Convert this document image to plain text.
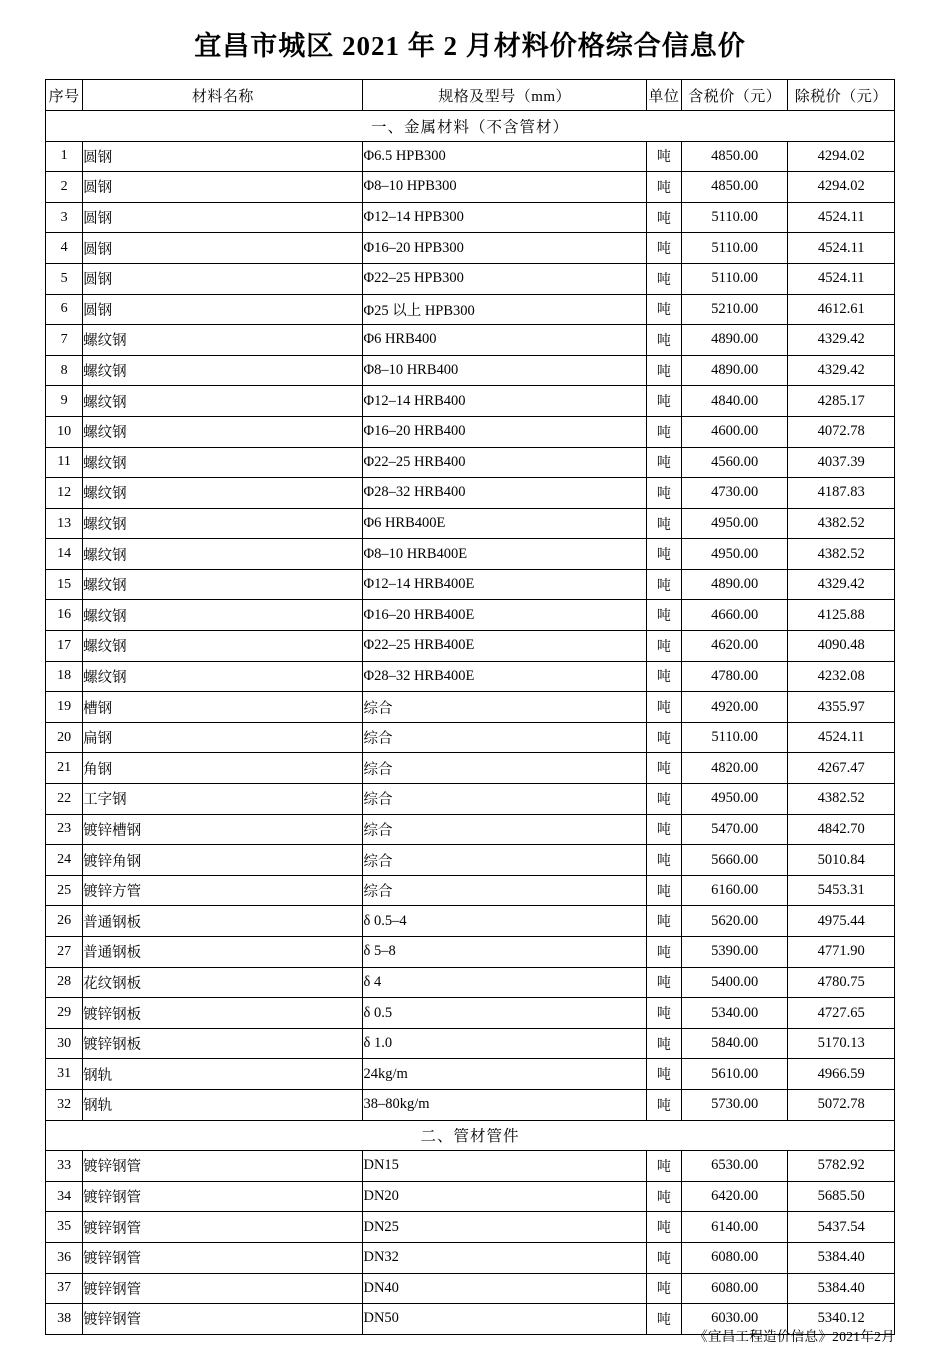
宜昌市城区 2021 年 2 月材料价格综合信息价
序号	材料名称	规格及型号（mm）	单位	含税价（元）	除税价（元）
一、金属材料（不含管材）					
1	圆钢	Φ6.5 HPB300	吨	4850.00	4294.02
2	圆钢	Φ8–10 HPB300	吨	4850.00	4294.02
3	圆钢	Φ12–14 HPB300	吨	5110.00	4524.11
4	圆钢	Φ16–20 HPB300	吨	5110.00	4524.11
5	圆钢	Φ22–25 HPB300	吨	5110.00	4524.11
6	圆钢	Φ25 以上 HPB300	吨	5210.00	4612.61
7	螺纹钢	Φ6 HRB400	吨	4890.00	4329.42
8	螺纹钢	Φ8–10 HRB400	吨	4890.00	4329.42
9	螺纹钢	Φ12–14 HRB400	吨	4840.00	4285.17
10	螺纹钢	Φ16–20 HRB400	吨	4600.00	4072.78
11	螺纹钢	Φ22–25 HRB400	吨	4560.00	4037.39
12	螺纹钢	Φ28–32 HRB400	吨	4730.00	4187.83
13	螺纹钢	Φ6 HRB400E	吨	4950.00	4382.52
14	螺纹钢	Φ8–10 HRB400E	吨	4950.00	4382.52
15	螺纹钢	Φ12–14 HRB400E	吨	4890.00	4329.42
16	螺纹钢	Φ16–20 HRB400E	吨	4660.00	4125.88
17	螺纹钢	Φ22–25 HRB400E	吨	4620.00	4090.48
18	螺纹钢	Φ28–32 HRB400E	吨	4780.00	4232.08
19	槽钢	综合	吨	4920.00	4355.97
20	扁钢	综合	吨	5110.00	4524.11
21	角钢	综合	吨	4820.00	4267.47
22	工字钢	综合	吨	4950.00	4382.52
23	镀锌槽钢	综合	吨	5470.00	4842.70
24	镀锌角钢	综合	吨	5660.00	5010.84
25	镀锌方管	综合	吨	6160.00	5453.31
26	普通钢板	δ 0.5–4	吨	5620.00	4975.44
27	普通钢板	δ 5–8	吨	5390.00	4771.90
28	花纹钢板	δ 4	吨	5400.00	4780.75
29	镀锌钢板	δ 0.5	吨	5340.00	4727.65
30	镀锌钢板	δ 1.0	吨	5840.00	5170.13
31	钢轨	24kg/m	吨	5610.00	4966.59
32	钢轨	38–80kg/m	吨	5730.00	5072.78
二、管材管件					
33	镀锌钢管	DN15	吨	6530.00	5782.92
34	镀锌钢管	DN20	吨	6420.00	5685.50
35	镀锌钢管	DN25	吨	6140.00	5437.54
36	镀锌钢管	DN32	吨	6080.00	5384.40
37	镀锌钢管	DN40	吨	6080.00	5384.40
38	镀锌钢管	DN50	吨	6030.00	5340.12
《宜昌工程造价信息》2021年2月
